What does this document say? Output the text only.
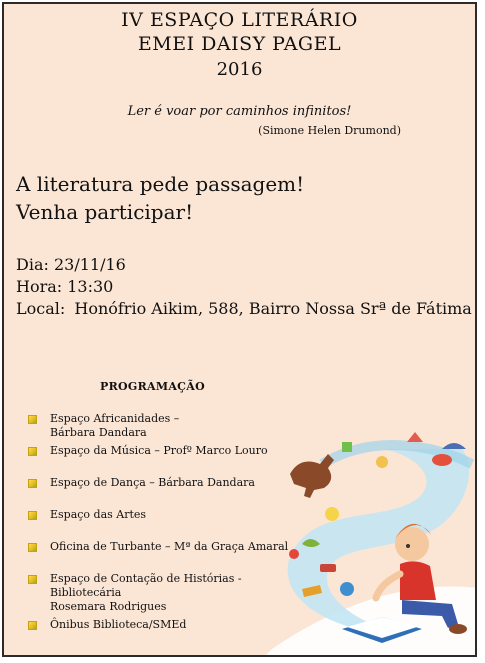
IV ESPAÇO LITERÁRIO
EMEI DAISY PAGEL
2016
Ler é voar por caminhos infinitos!
(Simone Helen Drumond)
A literatura pede passagem!
Venha participar!
Dia: 23/11/16
Hora: 13:30
Local: Honófrio Aikim, 588, Bairro Nossa Srª de Fátima
PROGRAMAÇÃO
Espaço Africanidades –
Bárbara Dandara
Espaço da Música – Profº Marco Louro
Espaço de Dança – Bárbara Dandara
Espaço das Artes
Oficina de Turbante – Mª da Graça Amaral
Espaço de Contação de Histórias - Bibliotecária
Rosemara Rodrigues
Ônibus Biblioteca/SMEd
